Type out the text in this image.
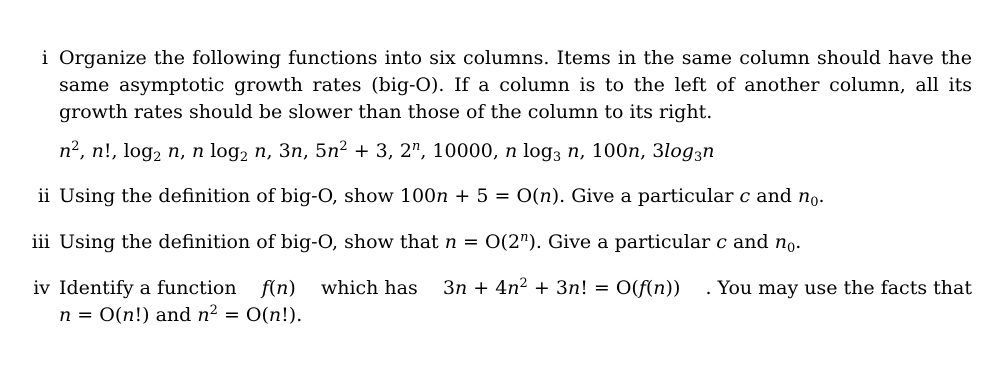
i Organize the following functions into six columns. Items in the same column should have the
same asymptotic growth rates (big-O). If a column is to the left of another column, all its
growth rates should be slower than those of the column to its right.
$n^2$, n!, $\log_2 n$, n $\log_2 n$, 3n, $5n^2 + 3$, 2$^n$, 10000, n $\log_3 n$, 100n, $3\log_3n$
ii Using the definition of big-O, show 100n + 5 = O(n). Give a particular c and $n_0$.
iii Using the definition of big-O, show that $n = O(2^n)$. Give a particular c and $n_0$.
iv Identify a function f(n) which has $3n + 4n^2 + 3n$! = O(f(n)) . You may use the facts that
n = O(n!) and $n^2 = O(n!)$.
